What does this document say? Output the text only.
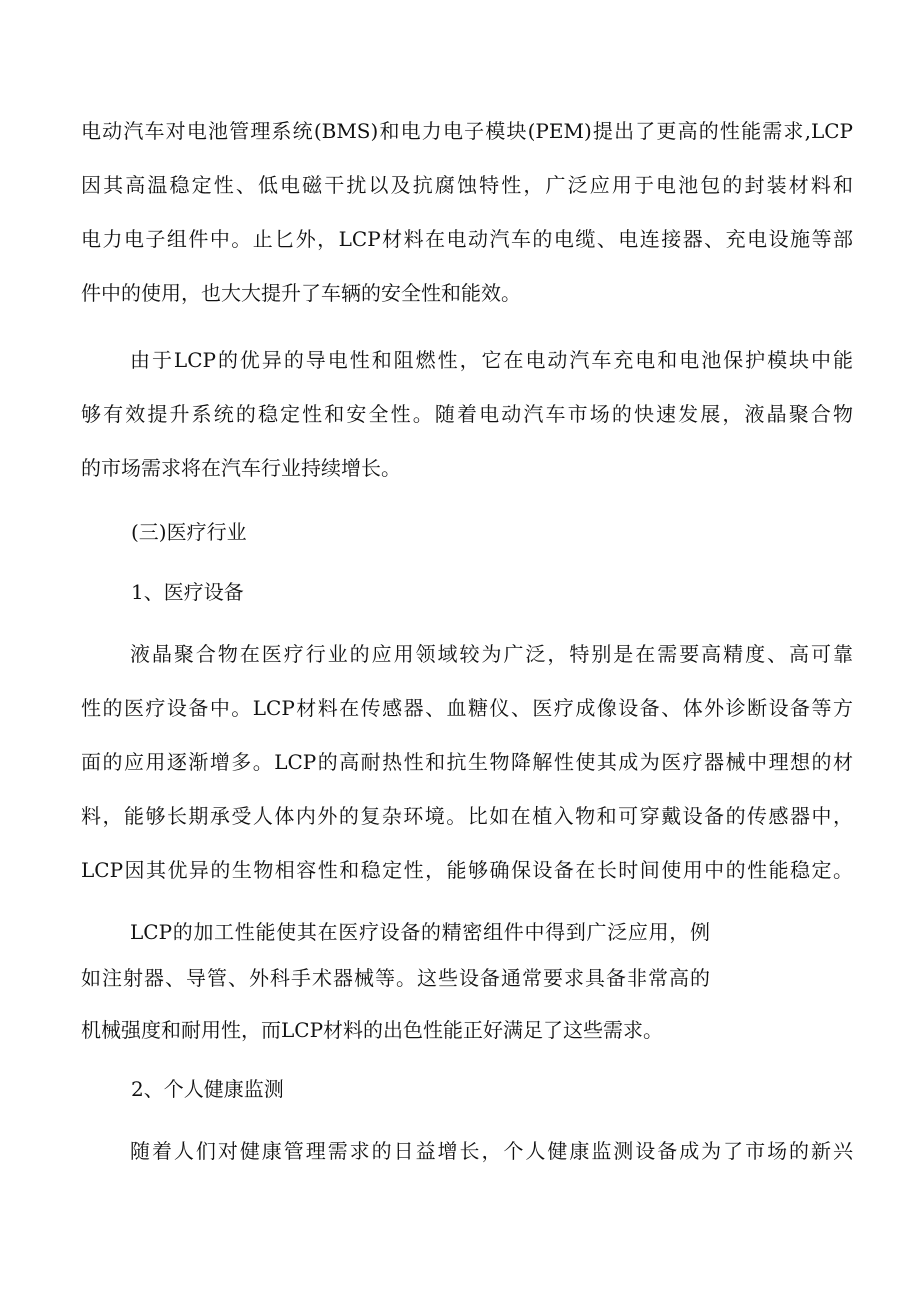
电动汽车对电池管理系统(BMS)和电力电子模块(PEM)提出了更高的性能需求,LCP
因其高温稳定性、低电磁干扰以及抗腐蚀特性，广泛应用于电池包的封装材料和
电力电子组件中。止匕外，LCP材料在电动汽车的电缆、电连接器、充电设施等部
件中的使用，也大大提升了车辆的安全性和能效。
由于LCP的优异的导电性和阻燃性，它在电动汽车充电和电池保护模块中能
够有效提升系统的稳定性和安全性。随着电动汽车市场的快速发展，液晶聚合物
的市场需求将在汽车行业持续增长。
(三)医疗行业
1、医疗设备
液晶聚合物在医疗行业的应用领域较为广泛，特别是在需要高精度、高可靠
性的医疗设备中。LCP材料在传感器、血糖仪、医疗成像设备、体外诊断设备等方
面的应用逐渐增多。LCP的高耐热性和抗生物降解性使其成为医疗器械中理想的材
料，能够长期承受人体内外的复杂环境。比如在植入物和可穿戴设备的传感器中，
LCP因其优异的生物相容性和稳定性，能够确保设备在长时间使用中的性能稳定。
LCP的加工性能使其在医疗设备的精密组件中得到广泛应用，例
如注射器、导管、外科手术器械等。这些设备通常要求具备非常高的
机械强度和耐用性，而LCP材料的出色性能正好满足了这些需求。
2、个人健康监测
随着人们对健康管理需求的日益增长，个人健康监测设备成为了市场的新兴
